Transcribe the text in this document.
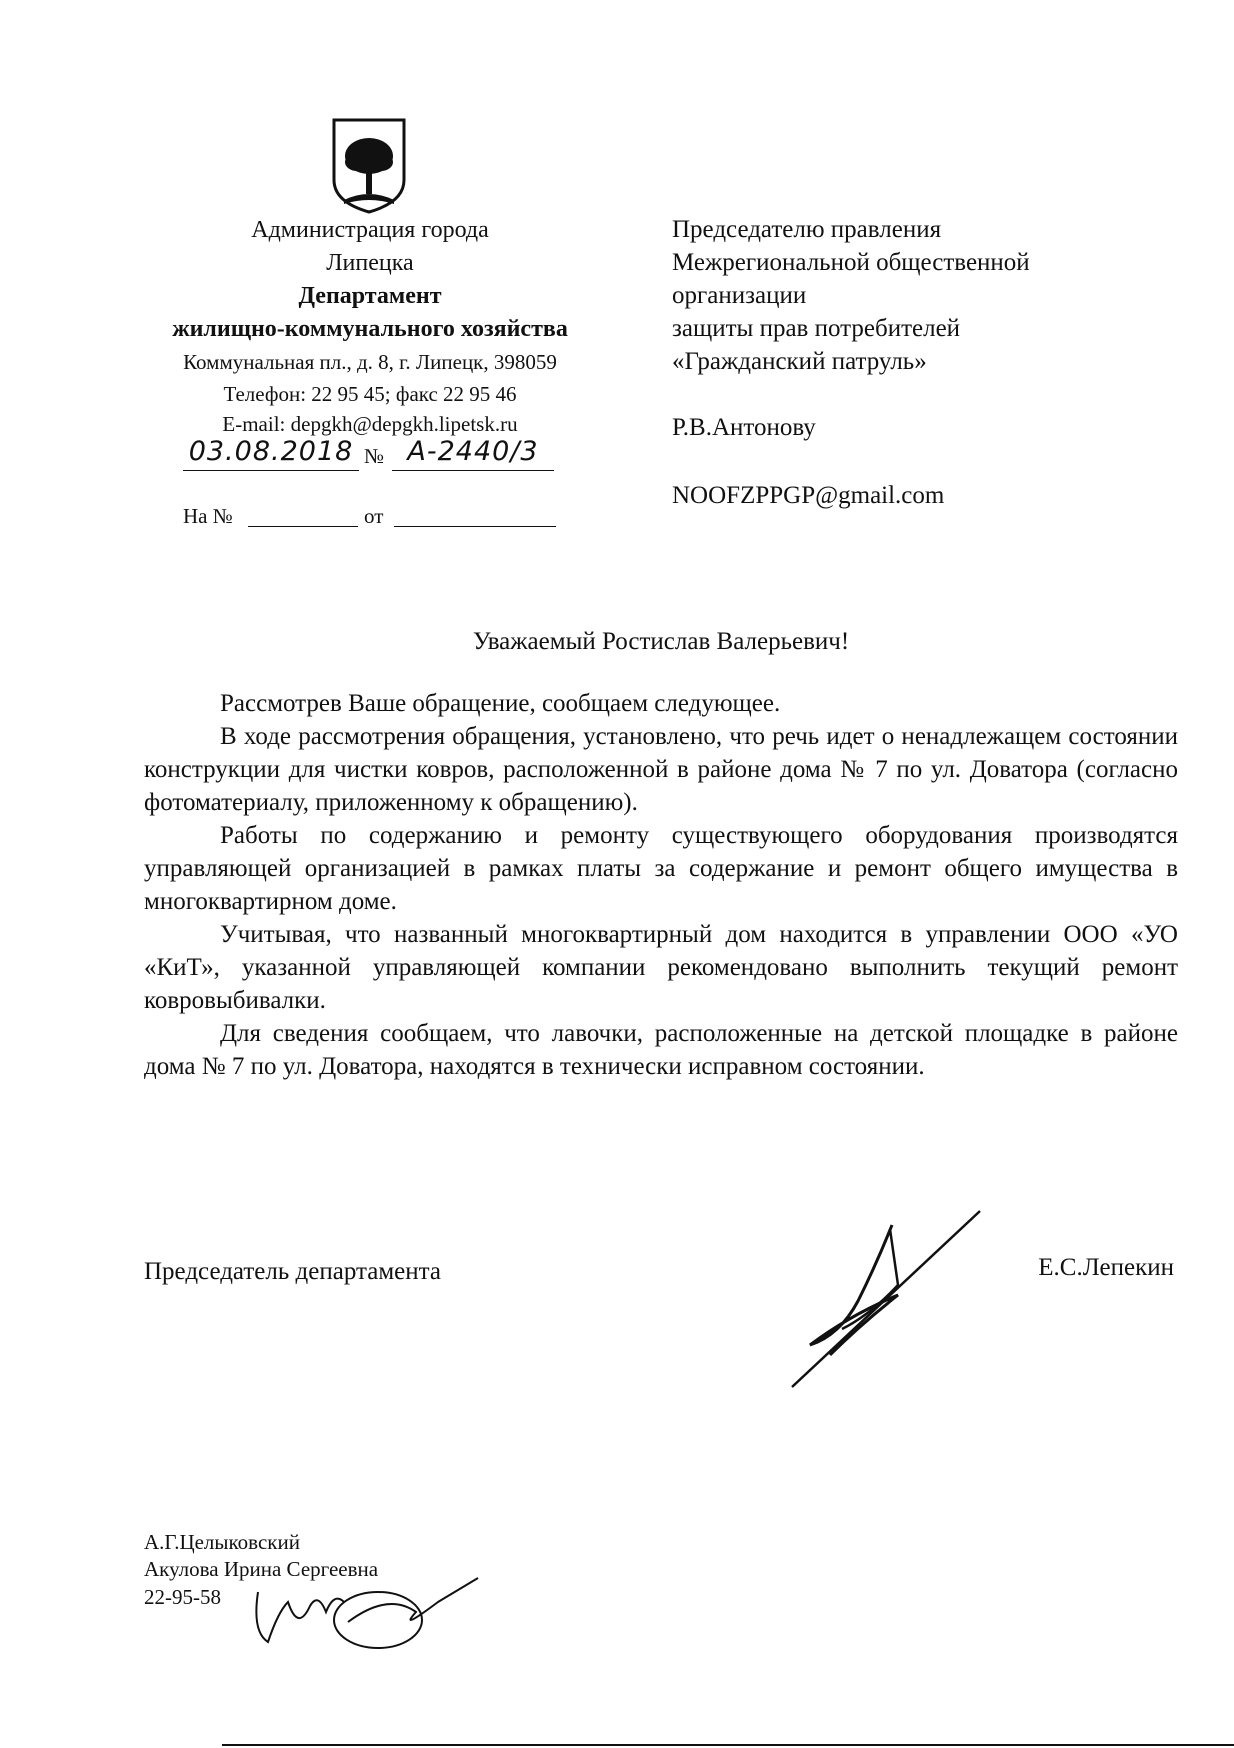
Администрация города
Липецка
Департамент
жилищно-коммунального хозяйства
Коммунальная пл., д. 8, г. Липецк, 398059
Телефон: 22 95 45; факс 22 95 46
E-mail: depgkh@depgkh.lipetsk.ru
03.08.2018 № А-2440/3
На №	от
Председателю правления
Межрегиональной общественной
организации
защиты прав потребителей
«Гражданский патруль»
Р.В.Антонову
NOOFZPPGP@gmail.com
Уважаемый Ростислав Валерьевич!

Рассмотрев Ваше обращение, сообщаем следующее.

В ходе рассмотрения обращения, установлено, что речь идет о ненадлежащем состоянии конструкции для чистки ковров, расположенной в районе дома № 7 по ул. Доватора (согласно фотоматериалу, приложенному к обращению).

Работы по содержанию и ремонту существующего оборудования производятся управляющей организацией в рамках платы за содержание и ремонт общего имущества в многоквартирном доме.

Учитывая, что названный многоквартирный дом находится в управлении ООО «УО «КиТ», указанной управляющей компании рекомендовано выполнить текущий ремонт ковровыбивалки.

Для сведения сообщаем, что лавочки, расположенные на детской площадке в районе дома № 7 по ул. Доватора, находятся в технически исправном состоянии.

Председатель департамента	Е.С.Лепекин
А.Г.Целыковский
Акулова Ирина Сергеевна
22-95-58
